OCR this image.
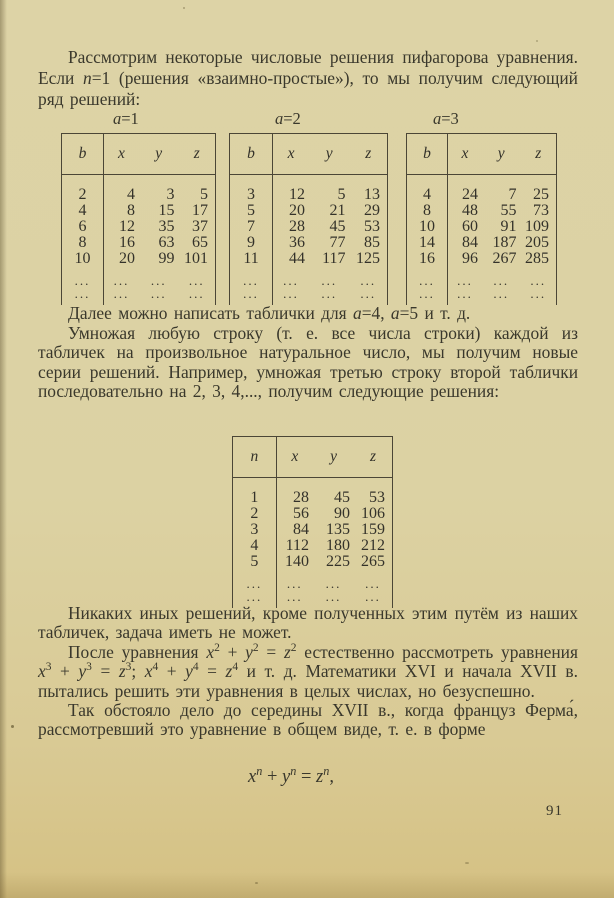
Рассмотрим некоторые числовые решения пифагорова уравнения. Если n=1 (решения «взаимно-простые»), то мы получим следующий ряд решений:

a=1
b	x	y	z
2	4	3	5
4	8	15	17
6	12	35	37
8	16	63	65
10	20	99	101
...	...	...	...
...	...	...	...
a=2
b	x	y	z
3	12	5	13
5	20	21	29
7	28	45	53
9	36	77	85
11	44	117	125
...	...	...	...
...	...	...	...
a=3
b	x	y	z
4	24	7	25
8	48	55	73
10	60	91	109
14	84	187	205
16	96	267	285
...	...	...	...
...	...	...	...

Далее можно написать таблички для a=4, a=5 и т. д.

Умножая любую строку (т. е. все числа строки) каждой из табличек на произвольное натуральное число, мы получим новые серии решений. Например, умножая третью строку второй таблички последовательно на 2, 3, 4,..., получим следующие решения:

n	x	y	z
1	28	45	53
2	56	90	106
3	84	135	159
4	112	180	212
5	140	225	265
...	...	...	...
...	...	...	...

Никаких иных решений, кроме полученных этим путём из наших табличек, задача иметь не может.

После уравнения $x^2 + y^2 = z^2$ естественно рассмотреть уравнения $x^3 + y^3 = z^3$; $x^4 + y^4 = z^4$ и т. д. Математики XVI и начала XVII в. пытались решить эти уравнения в целых числах, но безуспешно.

Так обстояло дело до середины XVII в., когда француз Ферма́, рассмотревший это уравнение в общем виде, т. е. в форме

$x^n + y^n = z^n$,
91
